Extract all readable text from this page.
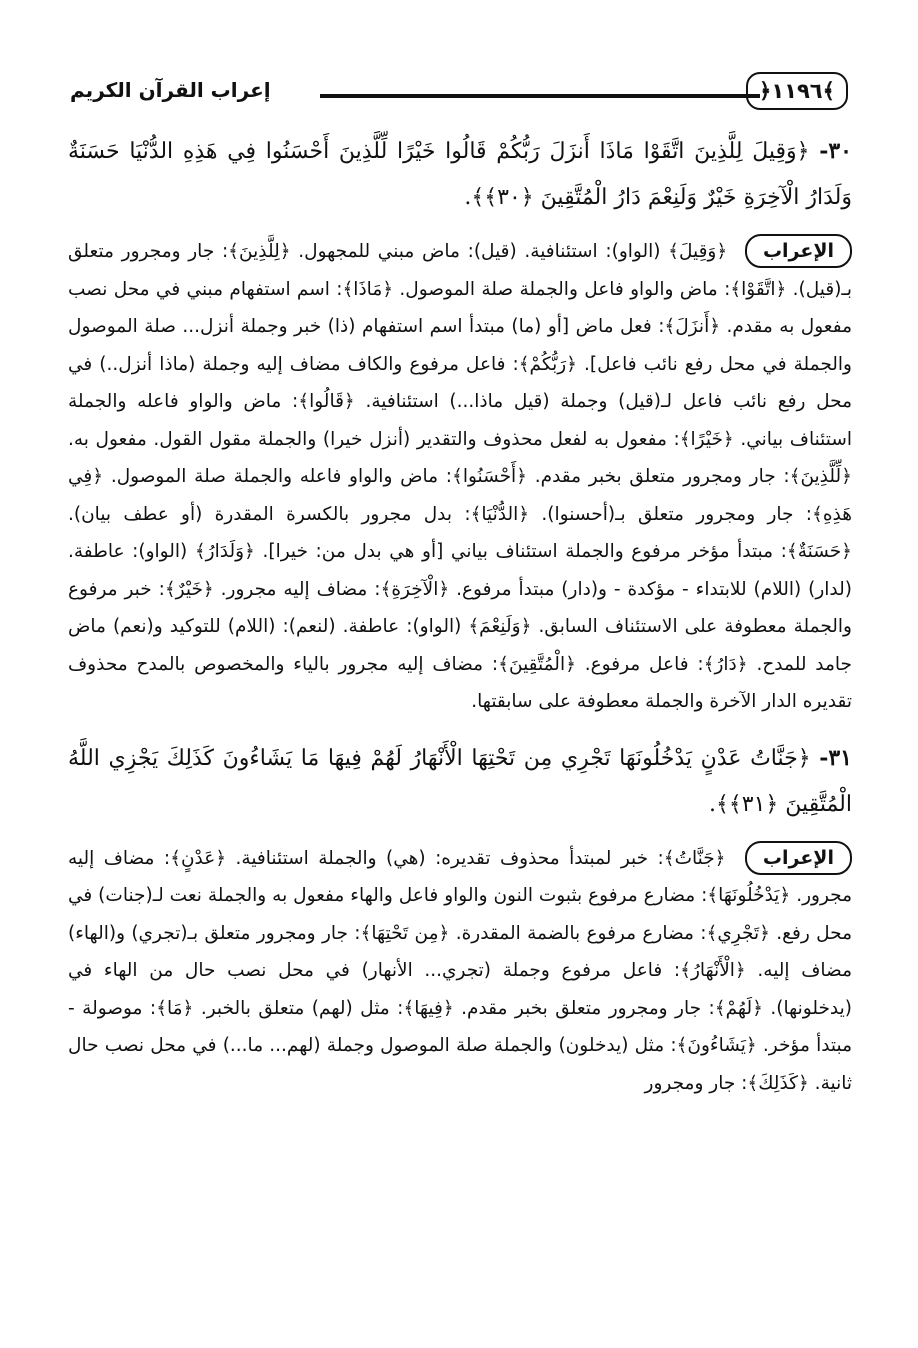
إعراب القرآن الكريم	﴿١١٩٦﴾

٣٠- ﴿وَقِيلَ لِلَّذِينَ اتَّقَوْا مَاذَا أَنزَلَ رَبُّكُمْ قَالُوا خَيْرًا لِّلَّذِينَ أَحْسَنُوا فِي هَذِهِ الدُّنْيَا حَسَنَةٌ وَلَدَارُ الْآخِرَةِ خَيْرٌ وَلَنِعْمَ دَارُ الْمُتَّقِينَ ﴿٣٠﴾﴾.

الإعراب ﴿وَقِيلَ﴾ (الواو): استئنافية. (قيل): ماض مبني للمجهول. ﴿لِلَّذِينَ﴾: جار ومجرور متعلق بـ(قيل). ﴿اتَّقَوْا﴾: ماض والواو فاعل والجملة صلة الموصول. ﴿مَاذَا﴾: اسم استفهام مبني في محل نصب مفعول به مقدم. ﴿أَنزَلَ﴾: فعل ماض [أو (ما) مبتدأ اسم استفهام (ذا) خبر وجملة أنزل... صلة الموصول والجملة في محل رفع نائب فاعل]. ﴿رَبُّكُمْ﴾: فاعل مرفوع والكاف مضاف إليه وجملة (ماذا أنزل..) في محل رفع نائب فاعل لـ(قيل) وجملة (قيل ماذا...) استئنافية. ﴿قَالُوا﴾: ماض والواو فاعله والجملة استئناف بياني. ﴿خَيْرًا﴾: مفعول به لفعل محذوف والتقدير (أنزل خيرا) والجملة مقول القول. مفعول به. ﴿لِّلَّذِينَ﴾: جار ومجرور متعلق بخبر مقدم. ﴿أَحْسَنُوا﴾: ماض والواو فاعله والجملة صلة الموصول. ﴿فِي هَذِهِ﴾: جار ومجرور متعلق بـ(أحسنوا). ﴿الدُّنْيَا﴾: بدل مجرور بالكسرة المقدرة (أو عطف بيان). ﴿حَسَنَةٌ﴾: مبتدأ مؤخر مرفوع والجملة استئناف بياني [أو هي بدل من: خيرا]. ﴿وَلَدَارُ﴾ (الواو): عاطفة. (لدار) (اللام) للابتداء - مؤكدة - و(دار) مبتدأ مرفوع. ﴿الْآخِرَةِ﴾: مضاف إليه مجرور. ﴿خَيْرٌ﴾: خبر مرفوع والجملة معطوفة على الاستئناف السابق. ﴿وَلَنِعْمَ﴾ (الواو): عاطفة. (لنعم): (اللام) للتوكيد و(نعم) ماض جامد للمدح. ﴿دَارُ﴾: فاعل مرفوع. ﴿الْمُتَّقِينَ﴾: مضاف إليه مجرور بالياء والمخصوص بالمدح محذوف تقديره الدار الآخرة والجملة معطوفة على سابقتها.

٣١- ﴿جَنَّاتُ عَدْنٍ يَدْخُلُونَهَا تَجْرِي مِن تَحْتِهَا الْأَنْهَارُ لَهُمْ فِيهَا مَا يَشَاءُونَ كَذَلِكَ يَجْزِي اللَّهُ الْمُتَّقِينَ ﴿٣١﴾﴾.

الإعراب ﴿جَنَّاتُ﴾: خبر لمبتدأ محذوف تقديره: (هي) والجملة استئنافية. ﴿عَدْنٍ﴾: مضاف إليه مجرور. ﴿يَدْخُلُونَهَا﴾: مضارع مرفوع بثبوت النون والواو فاعل والهاء مفعول به والجملة نعت لـ(جنات) في محل رفع. ﴿تَجْرِي﴾: مضارع مرفوع بالضمة المقدرة. ﴿مِن تَحْتِهَا﴾: جار ومجرور متعلق بـ(تجري) و(الهاء) مضاف إليه. ﴿الْأَنْهَارُ﴾: فاعل مرفوع وجملة (تجري... الأنهار) في محل نصب حال من الهاء في (يدخلونها). ﴿لَهُمْ﴾: جار ومجرور متعلق بخبر مقدم. ﴿فِيهَا﴾: مثل (لهم) متعلق بالخبر. ﴿مَا﴾: موصولة - مبتدأ مؤخر. ﴿يَشَاءُونَ﴾: مثل (يدخلون) والجملة صلة الموصول وجملة (لهم... ما...) في محل نصب حال ثانية. ﴿كَذَلِكَ﴾: جار ومجرور
